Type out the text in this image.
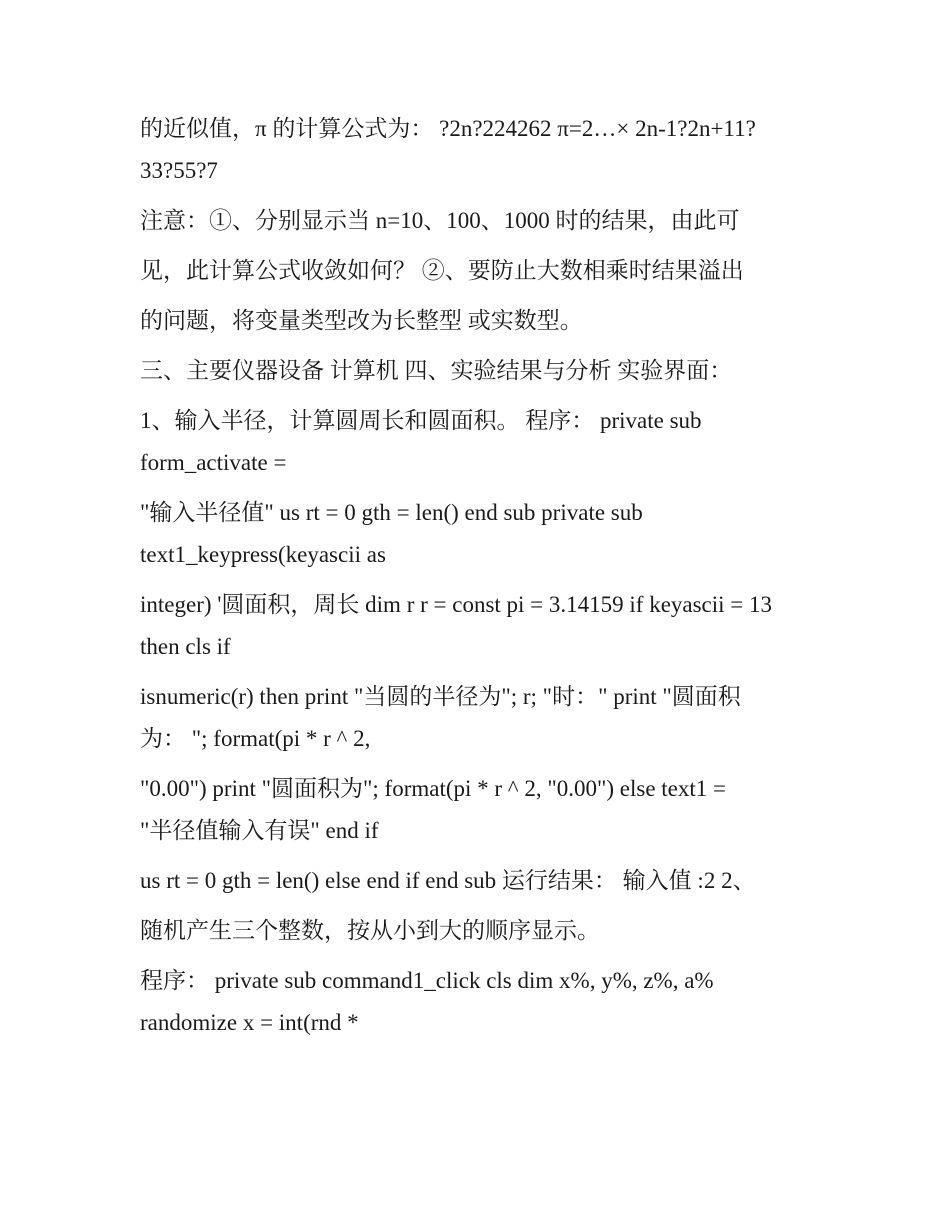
的近似值，π 的计算公式为： ?2n?224262 π=2…× 2n-1?2n+11?
33?55?7
注意：①、分别显示当 n=10、100、1000 时的结果，由此可
见，此计算公式收敛如何？ ②、要防止大数相乘时结果溢出
的问题，将变量类型改为长整型 或实数型。
三、主要仪器设备 计算机 四、实验结果与分析 实验界面：
1、输入半径，计算圆周长和圆面积。 程序： private sub
form_activate =
"输入半径值" us rt = 0 gth = len() end sub private sub
text1_keypress(keyascii as
integer) '圆面积，周长 dim r r = const pi = 3.14159 if keyascii = 13
then cls if
isnumeric(r) then print "当圆的半径为"; r; "时：" print "圆面积
为： "; format(pi * r ^ 2,
"0.00") print "圆面积为"; format(pi * r ^ 2, "0.00") else text1 =
"半径值输入有误" end if
us rt = 0 gth = len() else end if end sub 运行结果： 输入值 :2 2、
随机产生三个整数，按从小到大的顺序显示。
程序： private sub command1_click cls dim x%, y%, z%, a%
randomize x = int(rnd *
